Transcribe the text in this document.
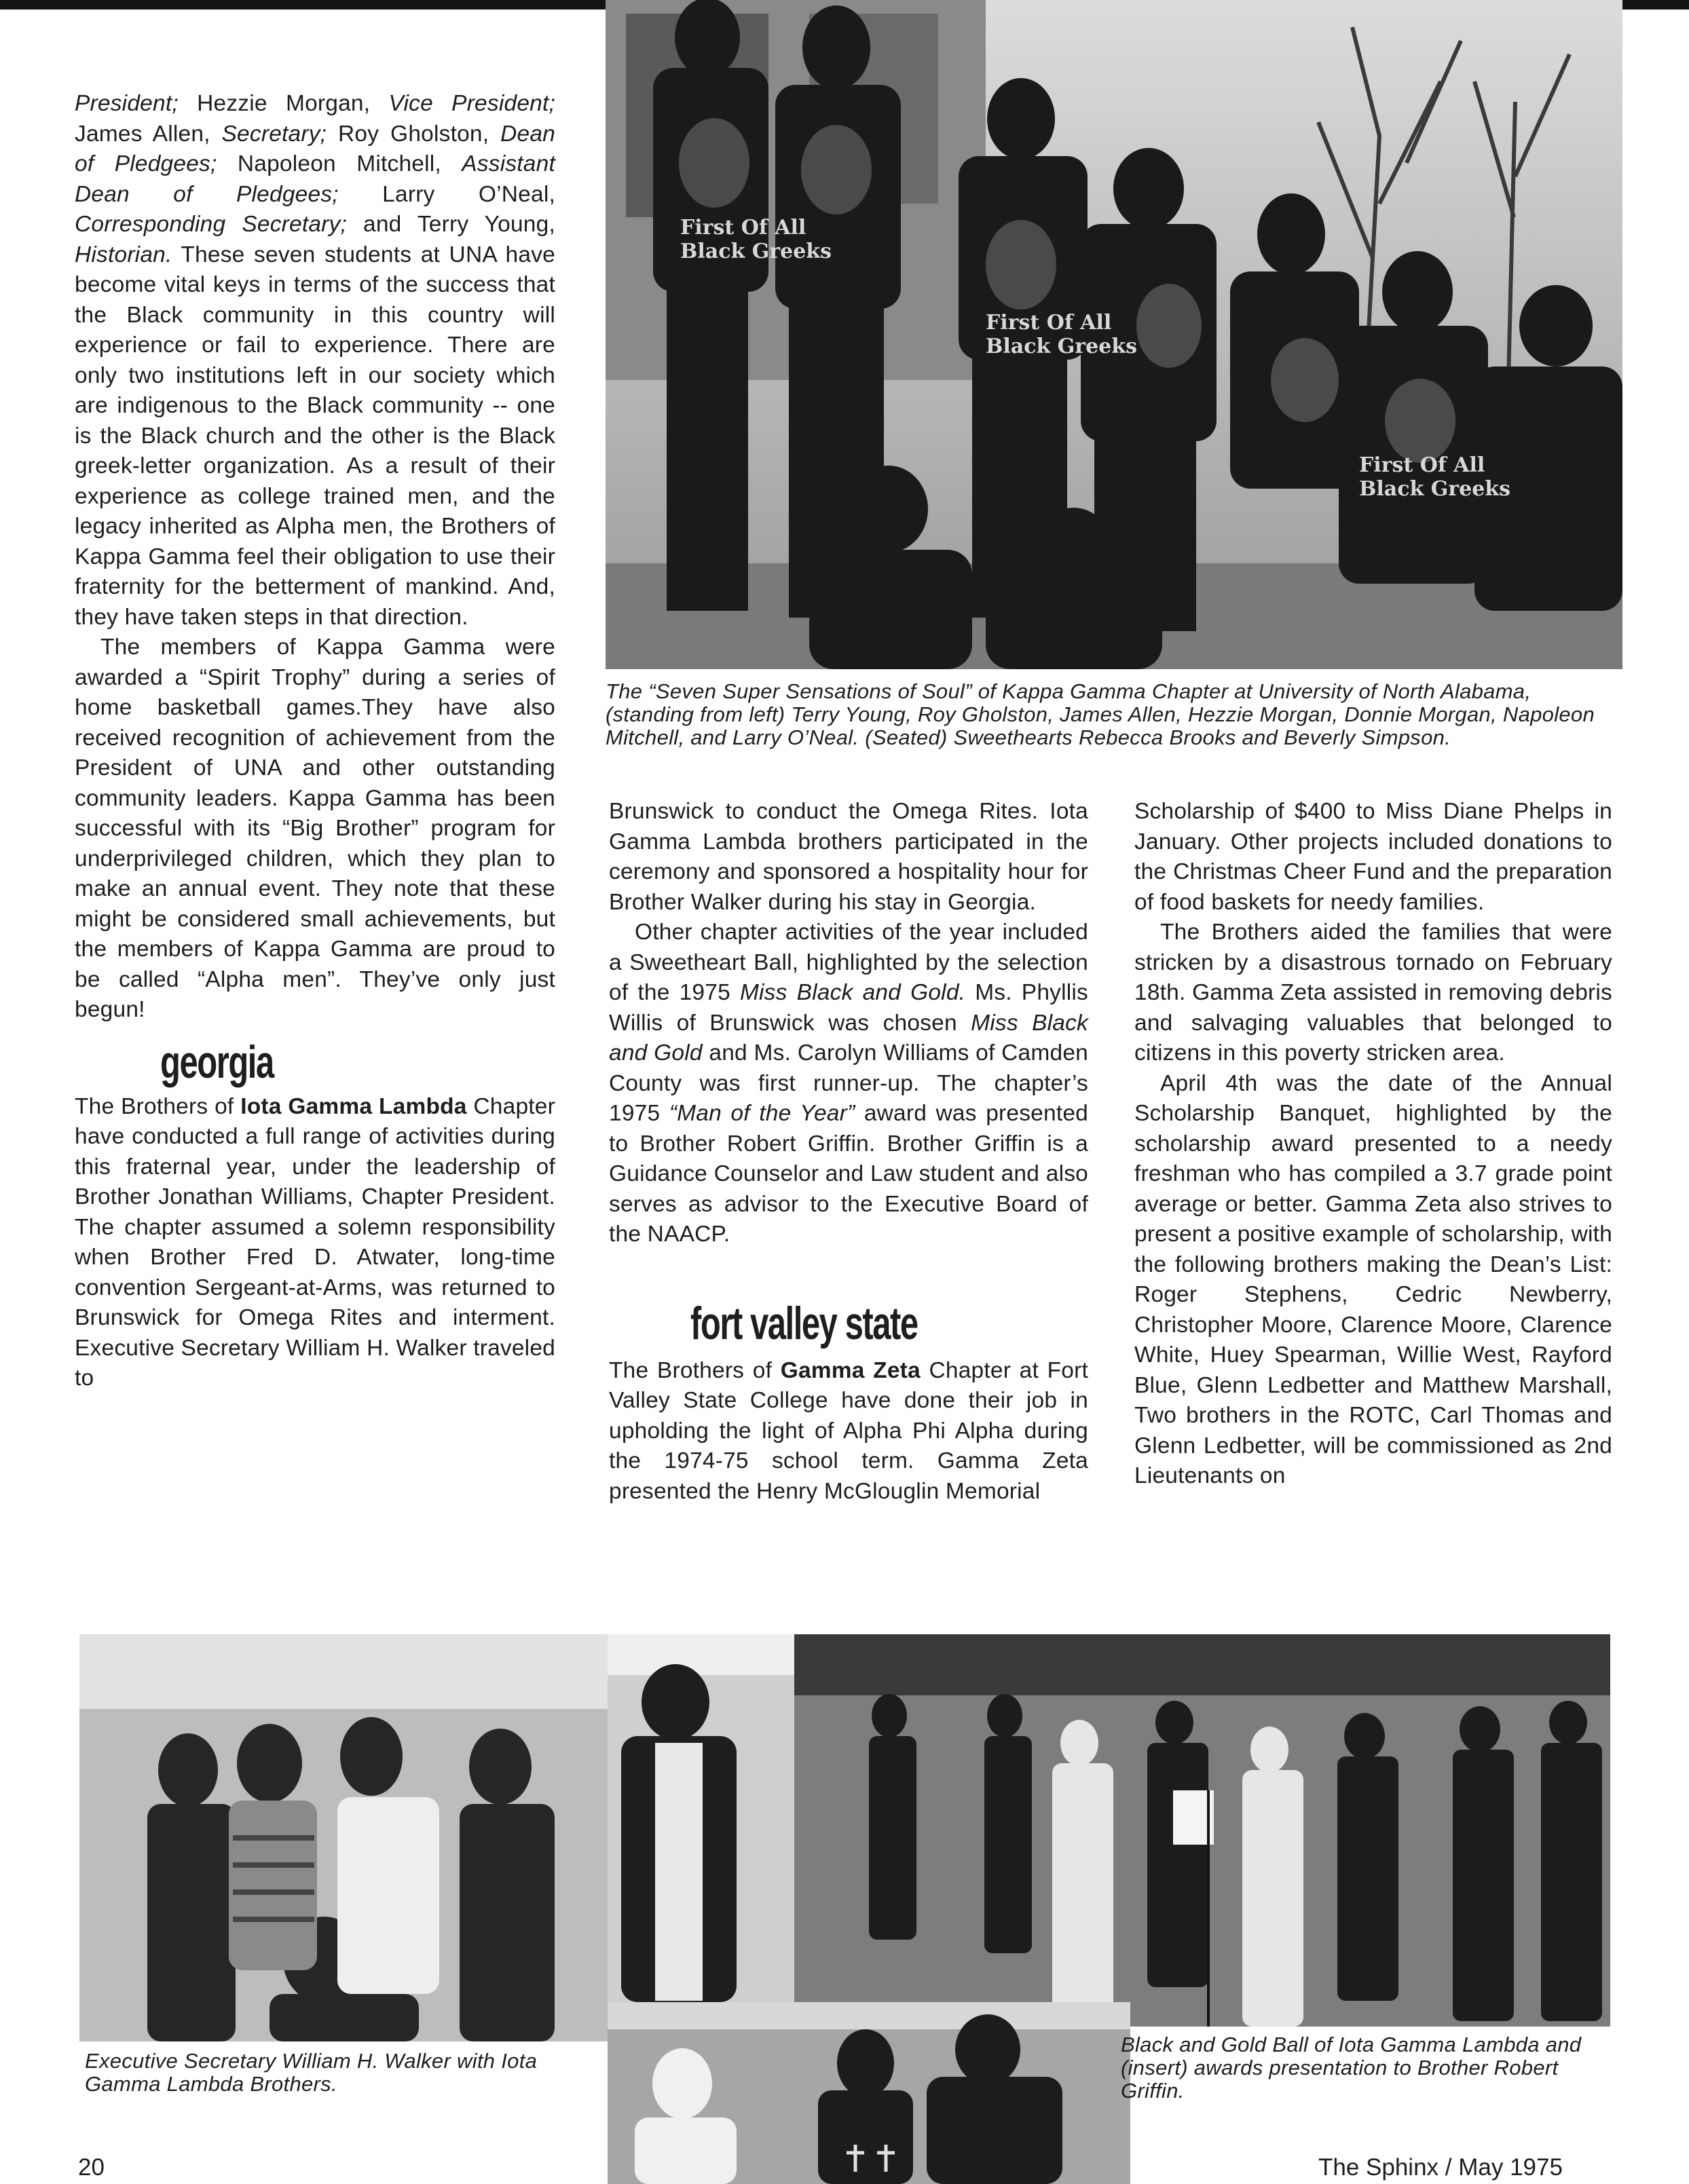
First Of All
Black Greeks
First Of All
Black Greeks
First Of All
Black Greeks
The “Seven Super Sensations of Soul” of Kappa Gamma Chapter at University of North Alabama, (standing from left) Terry Young, Roy Gholston, James Allen, Hezzie Morgan, Donnie Morgan, Napoleon Mitchell, and Larry O’Neal. (Seated) Sweethearts Rebecca Brooks and Beverly Simpson.

President; Hezzie Morgan, Vice President; James Allen, Secretary; Roy Gholston, Dean of Pledgees; Napoleon Mitchell, Assistant Dean of Pledgees; Larry O’Neal, Corresponding Secretary; and Terry Young, Historian. These seven students at UNA have become vital keys in terms of the success that the Black community in this country will experience or fail to experience. There are only two institutions left in our society which are indigenous to the Black community -- one is the Black church and the other is the Black greek-letter organization. As a result of their experience as college trained men, and the legacy inherited as Alpha men, the Brothers of Kappa Gamma feel their obligation to use their fraternity for the betterment of mankind. And, they have taken steps in that direction.

The members of Kappa Gamma were awarded a “Spirit Trophy” during a series of home basketball games.They have also received recognition of achievement from the President of UNA and other outstanding community leaders. Kappa Gamma has been successful with its “Big Brother” program for underprivileged children, which they plan to make an annual event. They note that these might be considered small achievements, but the members of Kappa Gamma are proud to be called “Alpha men”. They’ve only just begun!

georgia

The Brothers of Iota Gamma Lambda Chapter have conducted a full range of activities during this fraternal year, under the leadership of Brother Jonathan Williams, Chapter President. The chapter assumed a solemn responsibility when Brother Fred D. Atwater, long-time convention Sergeant-at-Arms, was returned to Brunswick for Omega Rites and interment. Executive Secretary William H. Walker traveled to

Brunswick to conduct the Omega Rites. Iota Gamma Lambda brothers participated in the ceremony and sponsored a hospitality hour for Brother Walker during his stay in Georgia.

Other chapter activities of the year included a Sweetheart Ball, highlighted by the selection of the 1975 Miss Black and Gold. Ms. Phyllis Willis of Brunswick was chosen Miss Black and Gold and Ms. Carolyn Williams of Camden County was first runner-up. The chapter’s 1975 “Man of the Year” award was presented to Brother Robert Griffin. Brother Griffin is a Guidance Counselor and Law student and also serves as advisor to the Executive Board of the NAACP.

fort valley state

The Brothers of Gamma Zeta Chapter at Fort Valley State College have done their job in upholding the light of Alpha Phi Alpha during the 1974-75 school term. Gamma Zeta presented the Henry McGlouglin Memorial

Scholarship of $400 to Miss Diane Phelps in January. Other projects included donations to the Christmas Cheer Fund and the preparation of food baskets for needy families.

The Brothers aided the families that were stricken by a disastrous tornado on February 18th. Gamma Zeta assisted in removing debris and salvaging valuables that belonged to citizens in this poverty stricken area.

April 4th was the date of the Annual Scholarship Banquet, highlighted by the scholarship award presented to a needy freshman who has compiled a 3.7 grade point average or better. Gamma Zeta also strives to present a positive example of scholarship, with the following brothers making the Dean’s List: Roger Stephens, Cedric Newberry, Christopher Moore, Clarence Moore, Clarence White, Huey Spearman, Willie West, Rayford Blue, Glenn Ledbetter and Matthew Marshall, Two brothers in the ROTC, Carl Thomas and Glenn Ledbetter, will be commissioned as 2nd Lieutenants on

Executive Secretary William H. Walker with Iota Gamma Lambda Brothers.
Black and Gold Ball of Iota Gamma Lambda and (insert) awards presentation to Brother Robert Griffin.
20	The Sphinx / May 1975
